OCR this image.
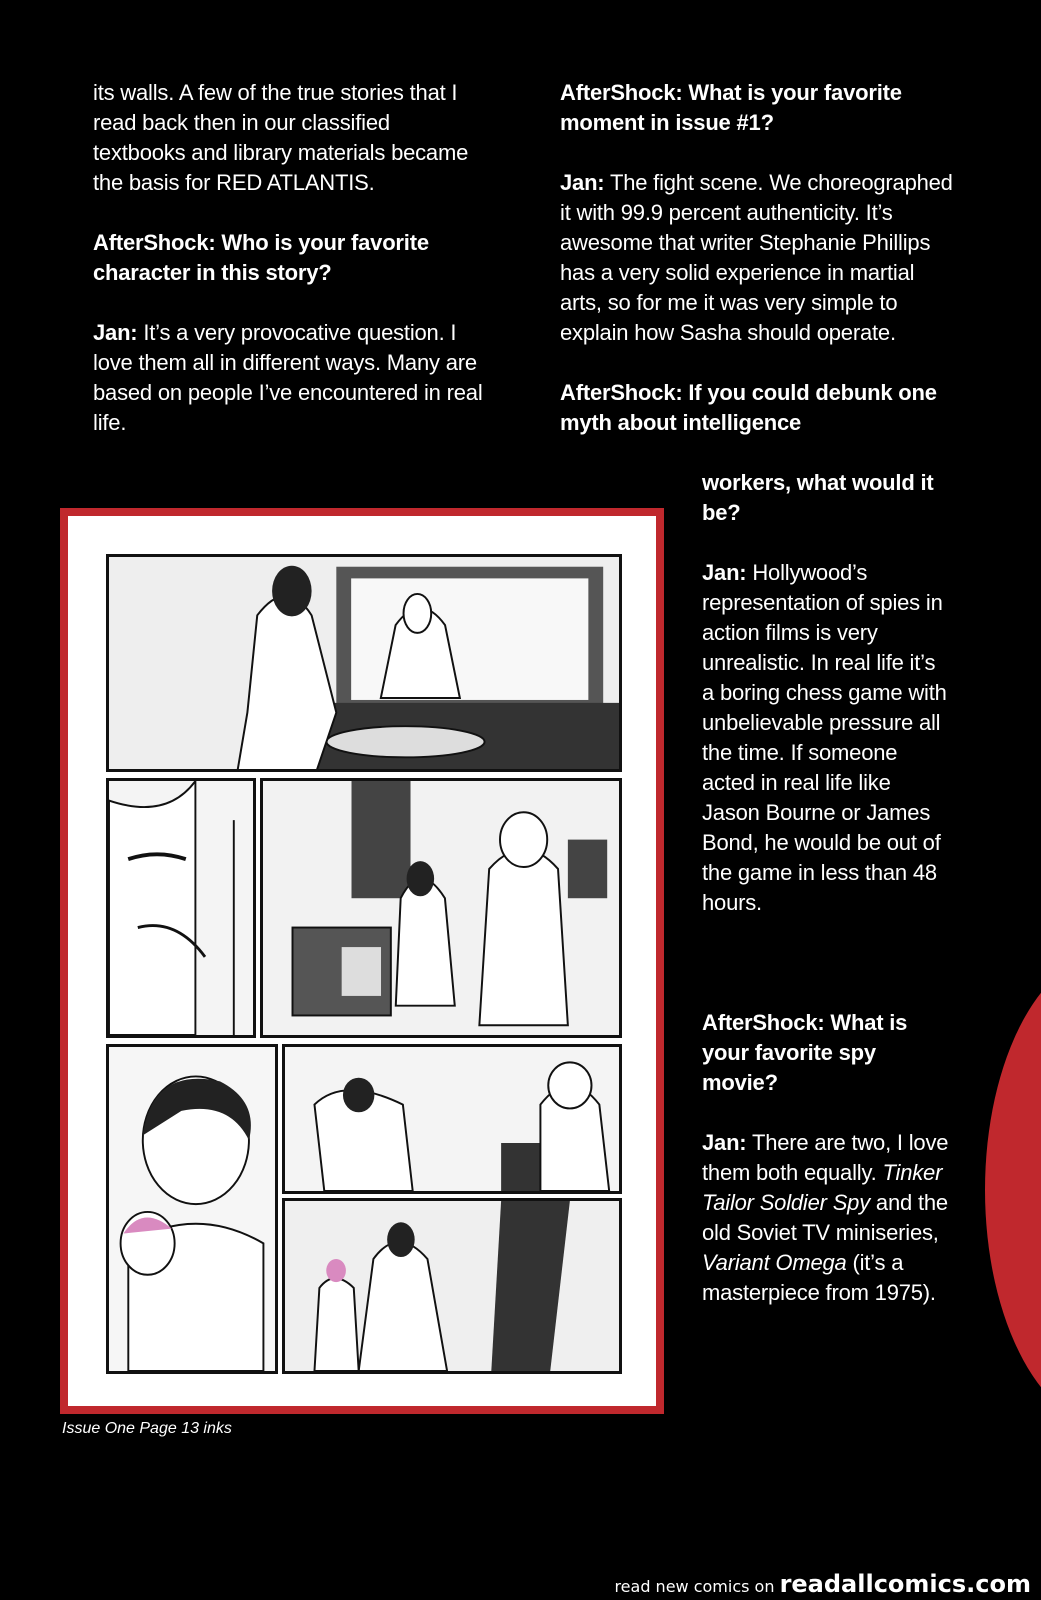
its walls. A few of the true stories that I read back then in our classified textbooks and library materials became the basis for RED ATLANTIS.

AfterShock: Who is your favorite character in this story?

Jan: It’s a very provocative question. I love them all in different ways. Many are based on people I’ve encountered in real life.

AfterShock: What is your favorite moment in issue #1?

Jan: The fight scene. We choreographed it with 99.9 percent authenticity. It’s awesome that writer Stephanie Phillips has a very solid experience in martial arts, so for me it was very simple to explain how Sasha should operate.

AfterShock: If you could debunk one myth about intelligence

workers, what would it be?

Jan: Hollywood’s representation of spies in action films is very unrealistic. In real life it’s a boring chess game with unbelievable pressure all the time. If someone acted in real life like Jason Bourne or James Bond, he would be out of the game in less than 48 hours.

AfterShock: What is your favorite spy movie?

Jan: There are two, I love them both equally. Tinker Tailor Soldier Spy and the old Soviet TV miniseries, Variant Omega (it’s a masterpiece from 1975).

Issue One Page 13 inks
read new comics on readallcomics.com
